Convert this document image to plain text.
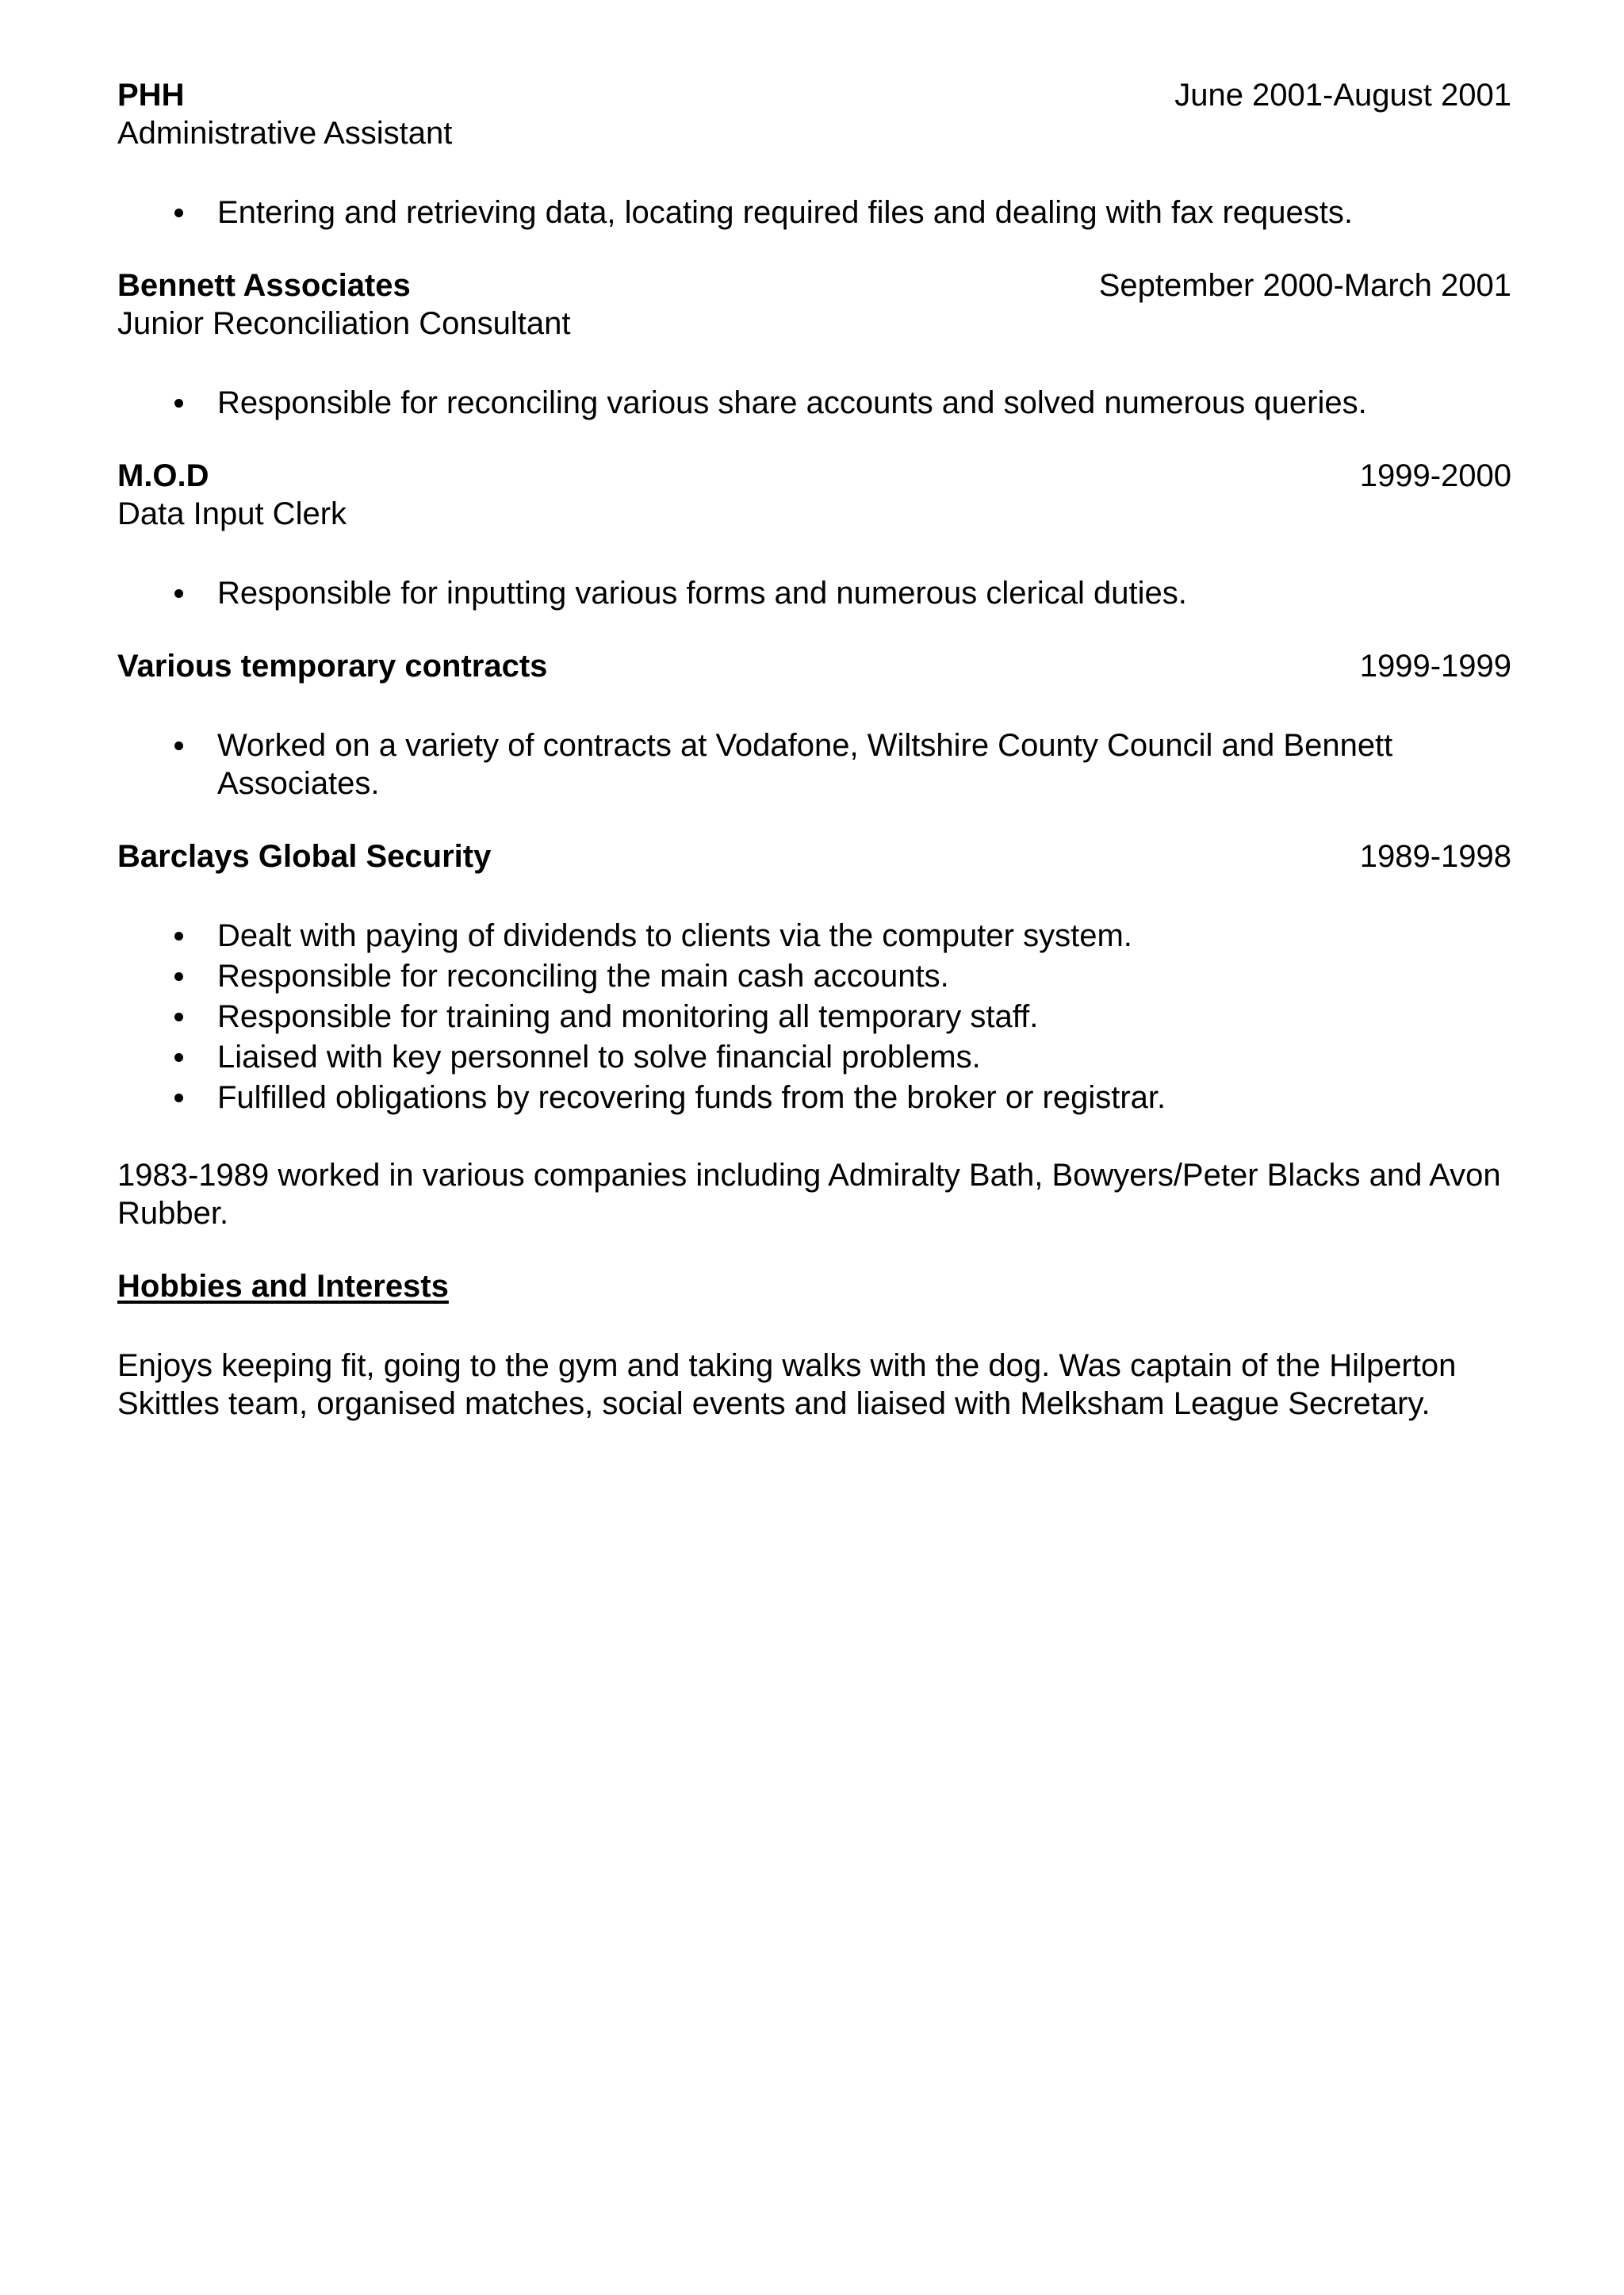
PHH	June 2001-August 2001
Administrative Assistant
Entering and retrieving data, locating required files and dealing with fax requests.
Bennett Associates	September 2000-March 2001
Junior Reconciliation Consultant
Responsible for reconciling various share accounts and solved numerous queries.
M.O.D	1999-2000
Data Input Clerk
Responsible for inputting various forms and numerous clerical duties.
Various temporary contracts	1999-1999
Worked on a variety of contracts at Vodafone, Wiltshire County Council and Bennett Associates.
Barclays Global Security	1989-1998
Dealt with paying of dividends to clients via the computer system.
Responsible for reconciling the main cash accounts.
Responsible for training and monitoring all temporary staff.
Liaised with key personnel to solve financial problems.
Fulfilled obligations by recovering funds from the broker or registrar.

1983-1989 worked in various companies including Admiralty Bath, Bowyers/Peter Blacks and Avon Rubber.

Hobbies and Interests

Enjoys keeping fit, going to the gym and taking walks with the dog. Was captain of the Hilperton Skittles team, organised matches, social events and liaised with Melksham League Secretary.
